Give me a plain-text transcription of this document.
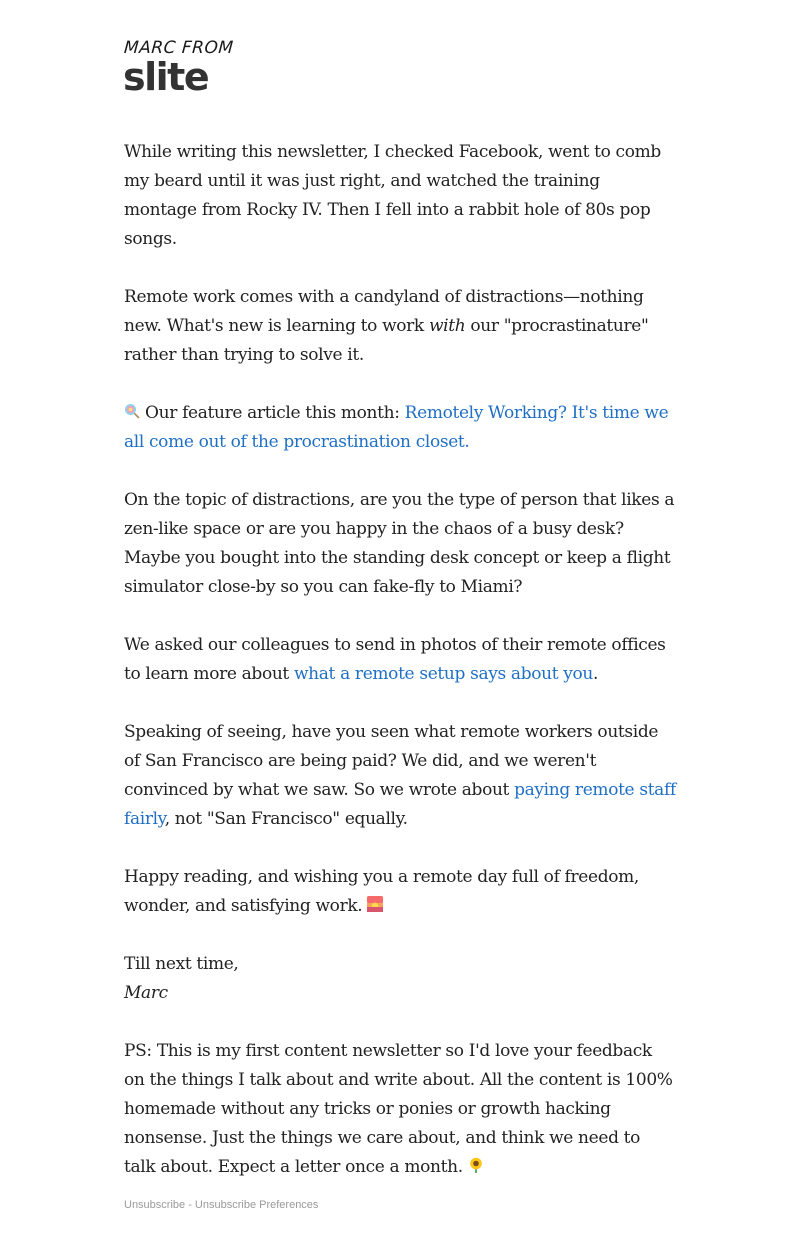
MARC FROM
slite

While writing this newsletter, I checked Facebook, went to comb my beard until it was just right, and watched the training montage from Rocky IV. Then I fell into a rabbit hole of 80s pop songs.

Remote work comes with a candyland of distractions—nothing new. What's new is learning to work with our "procrastinature" rather than trying to solve it.

Our feature article this month: Remotely Working? It's time we all come out of the procrastination closet.

On the topic of distractions, are you the type of person that likes a zen-like space or are you happy in the chaos of a busy desk? Maybe you bought into the standing desk concept or keep a flight simulator close-by so you can fake-fly to Miami?

We asked our colleagues to send in photos of their remote offices to learn more about what a remote setup says about you.

Speaking of seeing, have you seen what remote workers outside of San Francisco are being paid? We did, and we weren't convinced by what we saw. So we wrote about paying remote staff fairly, not "San Francisco" equally.

Happy reading, and wishing you a remote day full of freedom, wonder, and satisfying work.

Till next time,
Marc

PS: This is my first content newsletter so I'd love your feedback on the things I talk about and write about. All the content is 100% homemade without any tricks or ponies or growth hacking nonsense. Just the things we care about, and think we need to talk about. Expect a letter once a month.

Unsubscribe - Unsubscribe Preferences
